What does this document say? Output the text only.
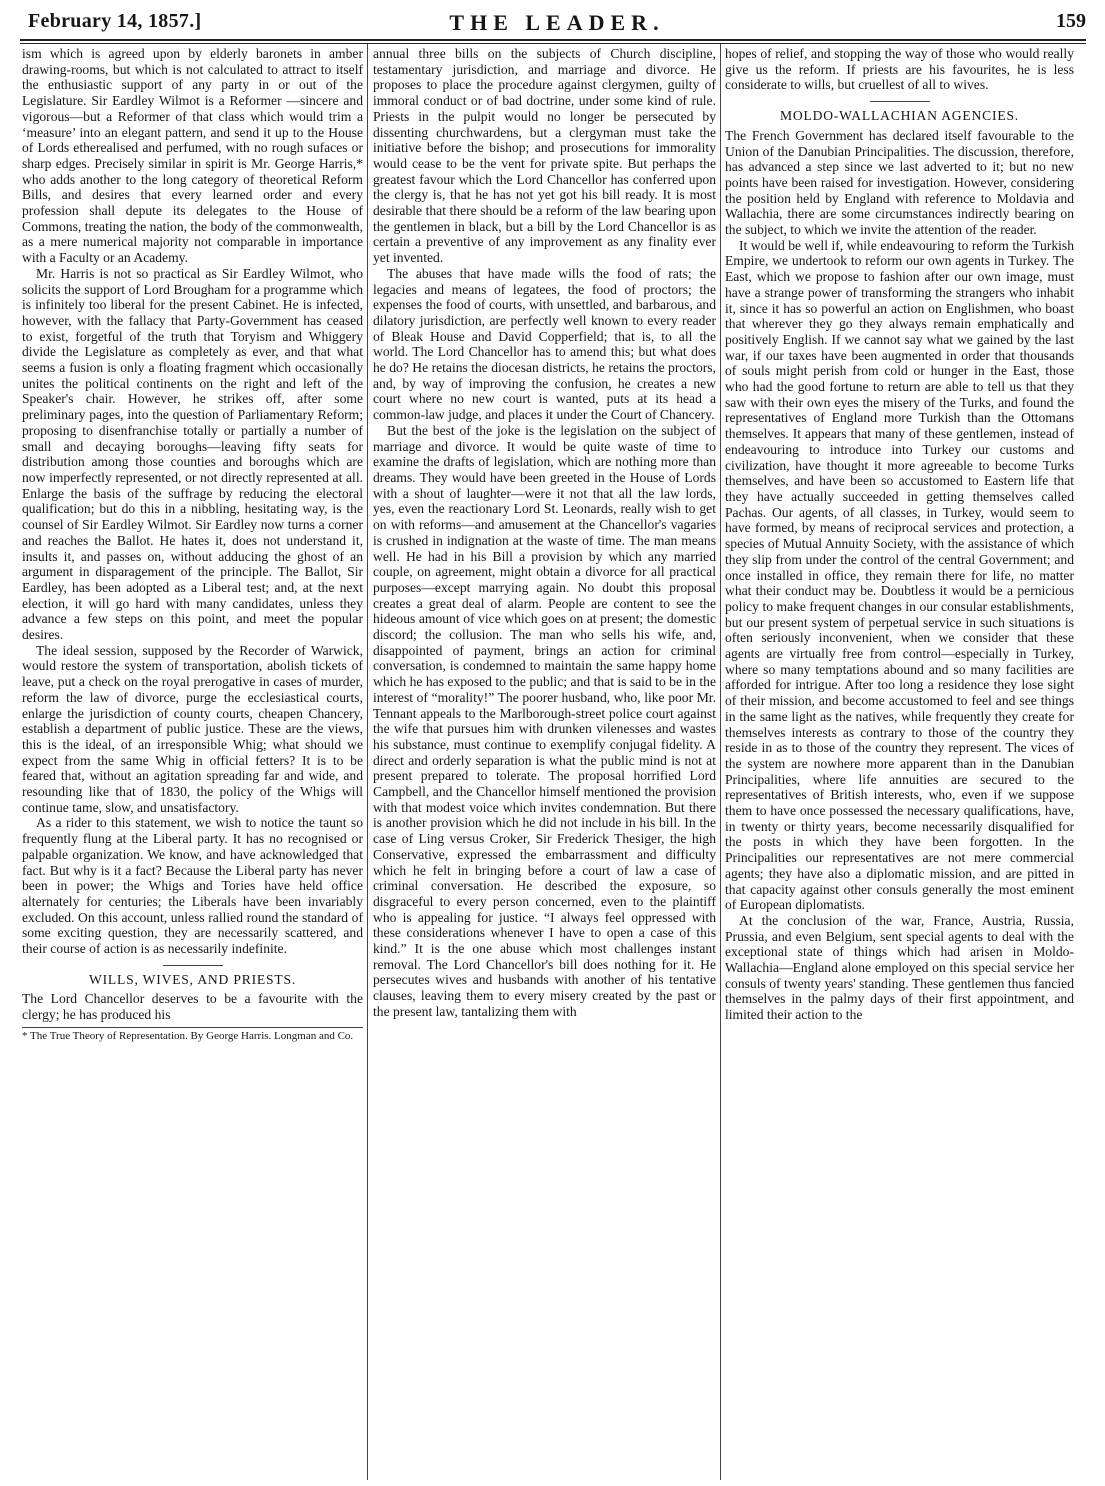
February 14, 1857.]	THE LEADER.	159

ism which is agreed upon by elderly baronets in amber drawing-rooms, but which is not calculated to attract to itself the enthusiastic support of any party in or out of the Legislature. Sir Eardley Wilmot is a Reformer —sincere and vigorous—but a Reformer of that class which would trim a ‘measure’ into an elegant pattern, and send it up to the House of Lords etherealised and perfumed, with no rough sufaces or sharp edges. Precisely similar in spirit is Mr. George Harris,* who adds another to the long category of theoretical Reform Bills, and desires that every learned order and every profession shall depute its delegates to the House of Commons, treating the nation, the body of the commonwealth, as a mere numerical majority not comparable in importance with a Faculty or an Academy.

Mr. Harris is not so practical as Sir Eardley Wilmot, who solicits the support of Lord Brougham for a programme which is infinitely too liberal for the present Cabinet. He is infected, however, with the fallacy that Party-Government has ceased to exist, forgetful of the truth that Toryism and Whiggery divide the Legislature as completely as ever, and that what seems a fusion is only a floating fragment which occasionally unites the political continents on the right and left of the Speaker's chair. However, he strikes off, after some preliminary pages, into the question of Parliamentary Reform; proposing to disenfranchise totally or partially a number of small and decaying boroughs—leaving fifty seats for distribution among those counties and boroughs which are now imperfectly represented, or not directly represented at all. Enlarge the basis of the suffrage by reducing the electoral qualification; but do this in a nibbling, hesitating way, is the counsel of Sir Eardley Wilmot. Sir Eardley now turns a corner and reaches the Ballot. He hates it, does not understand it, insults it, and passes on, without adducing the ghost of an argument in disparagement of the principle. The Ballot, Sir Eardley, has been adopted as a Liberal test; and, at the next election, it will go hard with many candidates, unless they advance a few steps on this point, and meet the popular desires.

The ideal session, supposed by the Recorder of Warwick, would restore the system of transportation, abolish tickets of leave, put a check on the royal prerogative in cases of murder, reform the law of divorce, purge the ecclesiastical courts, enlarge the jurisdiction of county courts, cheapen Chancery, establish a department of public justice. These are the views, this is the ideal, of an irresponsible Whig; what should we expect from the same Whig in official fetters? It is to be feared that, without an agitation spreading far and wide, and resounding like that of 1830, the policy of the Whigs will continue tame, slow, and unsatisfactory.

As a rider to this statement, we wish to notice the taunt so frequently flung at the Liberal party. It has no recognised or palpable organization. We know, and have acknowledged that fact. But why is it a fact? Because the Liberal party has never been in power; the Whigs and Tories have held office alternately for centuries; the Liberals have been invariably excluded. On this account, unless rallied round the standard of some exciting question, they are necessarily scattered, and their course of action is as necessarily indefinite.

WILLS, WIVES, AND PRIESTS.

The Lord Chancellor deserves to be a favourite with the clergy; he has produced his

* The True Theory of Representation. By George Harris. Longman and Co.

annual three bills on the subjects of Church discipline, testamentary jurisdiction, and marriage and divorce. He proposes to place the procedure against clergymen, guilty of immoral conduct or of bad doctrine, under some kind of rule. Priests in the pulpit would no longer be persecuted by dissenting churchwardens, but a clergyman must take the initiative before the bishop; and prosecutions for immorality would cease to be the vent for private spite. But perhaps the greatest favour which the Lord Chancellor has conferred upon the clergy is, that he has not yet got his bill ready. It is most desirable that there should be a reform of the law bearing upon the gentlemen in black, but a bill by the Lord Chancellor is as certain a preventive of any improvement as any finality ever yet invented.

The abuses that have made wills the food of rats; the legacies and means of legatees, the food of proctors; the expenses the food of courts, with unsettled, and barbarous, and dilatory jurisdiction, are perfectly well known to every reader of Bleak House and David Copperfield; that is, to all the world. The Lord Chancellor has to amend this; but what does he do? He retains the diocesan districts, he retains the proctors, and, by way of improving the confusion, he creates a new court where no new court is wanted, puts at its head a common-law judge, and places it under the Court of Chancery.

But the best of the joke is the legislation on the subject of marriage and divorce. It would be quite waste of time to examine the drafts of legislation, which are nothing more than dreams. They would have been greeted in the House of Lords with a shout of laughter—were it not that all the law lords, yes, even the reactionary Lord St. Leonards, really wish to get on with reforms—and amusement at the Chancellor's vagaries is crushed in indignation at the waste of time. The man means well. He had in his Bill a provision by which any married couple, on agreement, might obtain a divorce for all practical purposes—except marrying again. No doubt this proposal creates a great deal of alarm. People are content to see the hideous amount of vice which goes on at present; the domestic discord; the collusion. The man who sells his wife, and, disappointed of payment, brings an action for criminal conversation, is condemned to maintain the same happy home which he has exposed to the public; and that is said to be in the interest of “morality!” The poorer husband, who, like poor Mr. Tennant appeals to the Marlborough-street police court against the wife that pursues him with drunken vilenesses and wastes his substance, must continue to exemplify conjugal fidelity. A direct and orderly separation is what the public mind is not at present prepared to tolerate. The proposal horrified Lord Campbell, and the Chancellor himself mentioned the provision with that modest voice which invites condemnation. But there is another provision which he did not include in his bill. In the case of Ling versus Croker, Sir Frederick Thesiger, the high Conservative, expressed the embarrassment and difficulty which he felt in bringing before a court of law a case of criminal conversation. He described the exposure, so disgraceful to every person concerned, even to the plaintiff who is appealing for justice. “I always feel oppressed with these considerations whenever I have to open a case of this kind.” It is the one abuse which most challenges instant removal. The Lord Chancellor's bill does nothing for it. He persecutes wives and husbands with another of his tentative clauses, leaving them to every misery created by the past or the present law, tantalizing them with

hopes of relief, and stopping the way of those who would really give us the reform. If priests are his favourites, he is less considerate to wills, but cruellest of all to wives.

MOLDO-WALLACHIAN AGENCIES.

The French Government has declared itself favourable to the Union of the Danubian Principalities. The discussion, therefore, has advanced a step since we last adverted to it; but no new points have been raised for investigation. However, considering the position held by England with reference to Moldavia and Wallachia, there are some circumstances indirectly bearing on the subject, to which we invite the attention of the reader.

It would be well if, while endeavouring to reform the Turkish Empire, we undertook to reform our own agents in Turkey. The East, which we propose to fashion after our own image, must have a strange power of transforming the strangers who inhabit it, since it has so powerful an action on Englishmen, who boast that wherever they go they always remain emphatically and positively English. If we cannot say what we gained by the last war, if our taxes have been augmented in order that thousands of souls might perish from cold or hunger in the East, those who had the good fortune to return are able to tell us that they saw with their own eyes the misery of the Turks, and found the representatives of England more Turkish than the Ottomans themselves. It appears that many of these gentlemen, instead of endeavouring to introduce into Turkey our customs and civilization, have thought it more agreeable to become Turks themselves, and have been so accustomed to Eastern life that they have actually succeeded in getting themselves called Pachas. Our agents, of all classes, in Turkey, would seem to have formed, by means of reciprocal services and protection, a species of Mutual Annuity Society, with the assistance of which they slip from under the control of the central Government; and once installed in office, they remain there for life, no matter what their conduct may be. Doubtless it would be a pernicious policy to make frequent changes in our consular establishments, but our present system of perpetual service in such situations is often seriously inconvenient, when we consider that these agents are virtually free from control—especially in Turkey, where so many temptations abound and so many facilities are afforded for intrigue. After too long a residence they lose sight of their mission, and become accustomed to feel and see things in the same light as the natives, while frequently they create for themselves interests as contrary to those of the country they reside in as to those of the country they represent. The vices of the system are nowhere more apparent than in the Danubian Principalities, where life annuities are secured to the representatives of British interests, who, even if we suppose them to have once possessed the necessary qualifications, have, in twenty or thirty years, become necessarily disqualified for the posts in which they have been forgotten. In the Principalities our representatives are not mere commercial agents; they have also a diplomatic mission, and are pitted in that capacity against other consuls generally the most eminent of European diplomatists.

At the conclusion of the war, France, Austria, Russia, Prussia, and even Belgium, sent special agents to deal with the exceptional state of things which had arisen in Moldo-Wallachia—England alone employed on this special service her consuls of twenty years' standing. These gentlemen thus fancied themselves in the palmy days of their first appointment, and limited their action to the
